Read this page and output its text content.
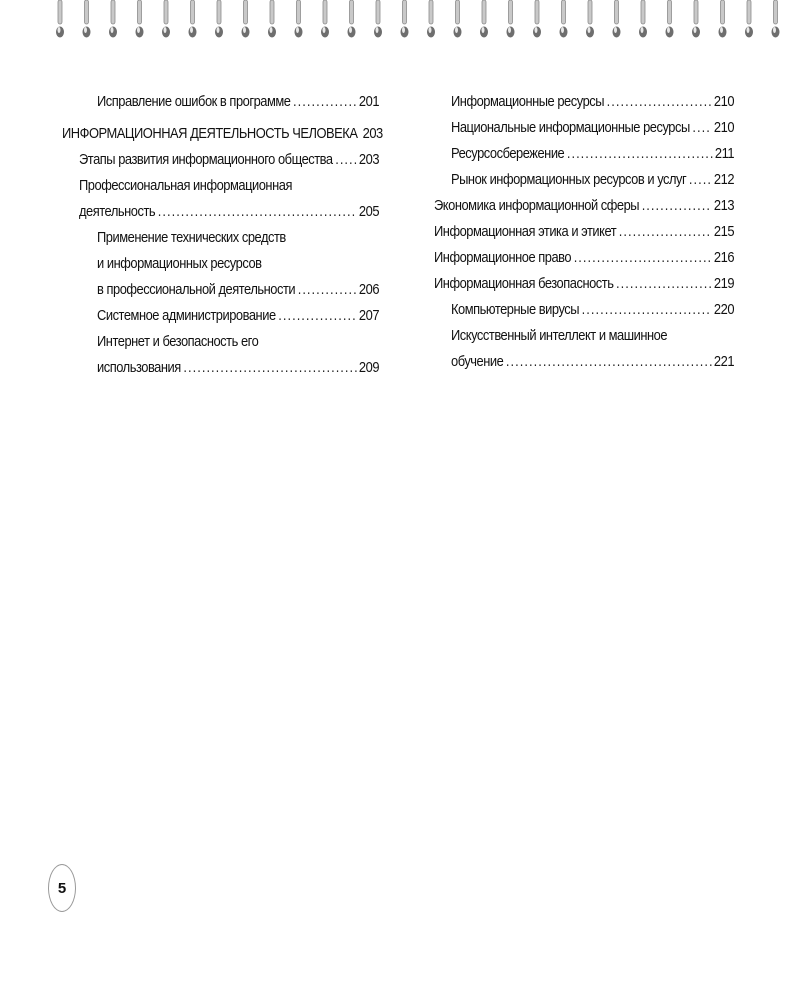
Исправление ошибок в программе .....	201
ИНФОРМАЦИОННАЯ ДЕЯТЕЛЬНОСТЬ ЧЕЛОВЕКА 203
Этапы развития информационного общества ..... 203
Профессиональная информационная
деятельность .....	205
Применение технических средств
и информационных ресурсов
в профессиональной деятельности .....	206
Системное администрирование .....	207
Интернет и безопасность его
использования .....	209
Информационные ресурсы .....	210
Национальные информационные ресурсы ..... 210
Ресурсосбережение .....	211
Рынок информационных ресурсов и услуг ..... 212
Экономика информационной сферы .....	213
Информационная этика и этикет .....	215
Информационное право .....	216
Информационная безопасность .....	219
Компьютерные вирусы .....	220
Искусственный интеллект и машинное
обучение .....	221
5
